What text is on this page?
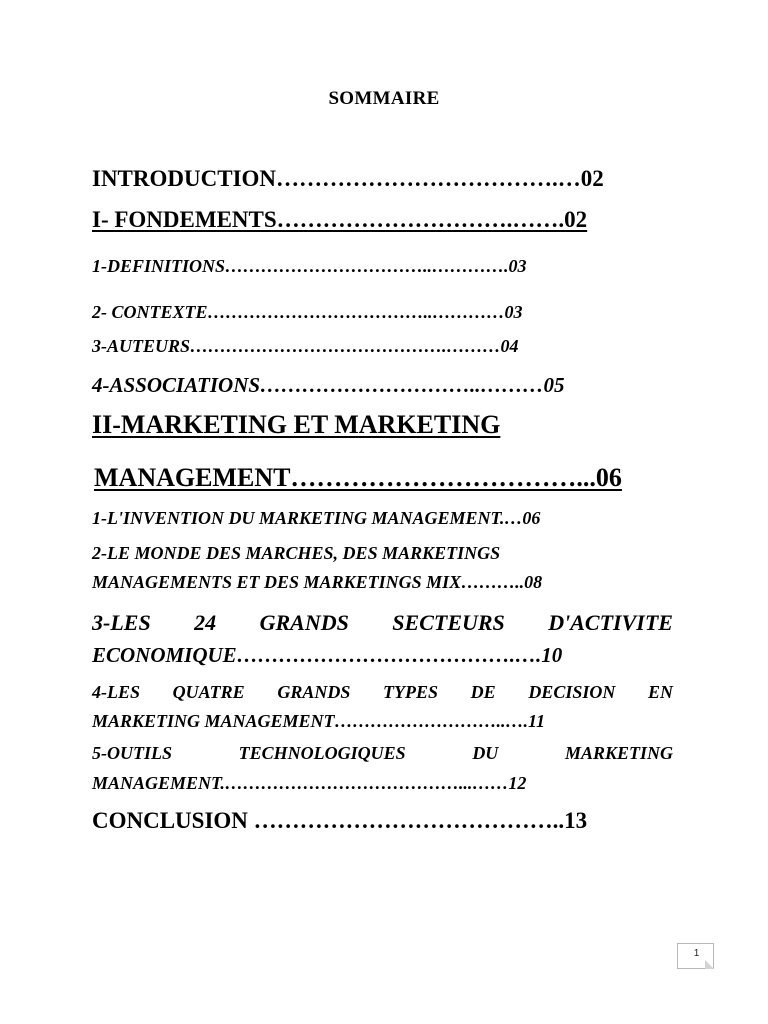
SOMMAIRE
INTRODUCTION……………………………….…02
I- FONDEMENTS………………………….…….02
1-DEFINITIONS……………………………..………….03
2- CONTEXTE………………………………..…………03
3-AUTEURS…………………………………….………04
4-ASSOCIATIONS…………………………..………05
II-MARKETING ET MARKETING
MANAGEMENT……………………………...06
1-L'INVENTION DU MARKETING MANAGEMENT.…06
2-LE MONDE DES MARCHES, DES MARKETINGS
MANAGEMENTS ET DES MARKETINGS MIX………..08
3-LES 24 GRANDS SECTEURS D'ACTIVITE
ECONOMIQUE………………………………….….10
4-LES QUATRE GRANDS TYPES DE DECISION EN
MARKETING MANAGEMENT………………………..….11
5-OUTILS	TECHNOLOGIQUES	DU	MARKETING
MANAGEMENT.…………………………………...……12
CONCLUSION …………………………………..13
1
